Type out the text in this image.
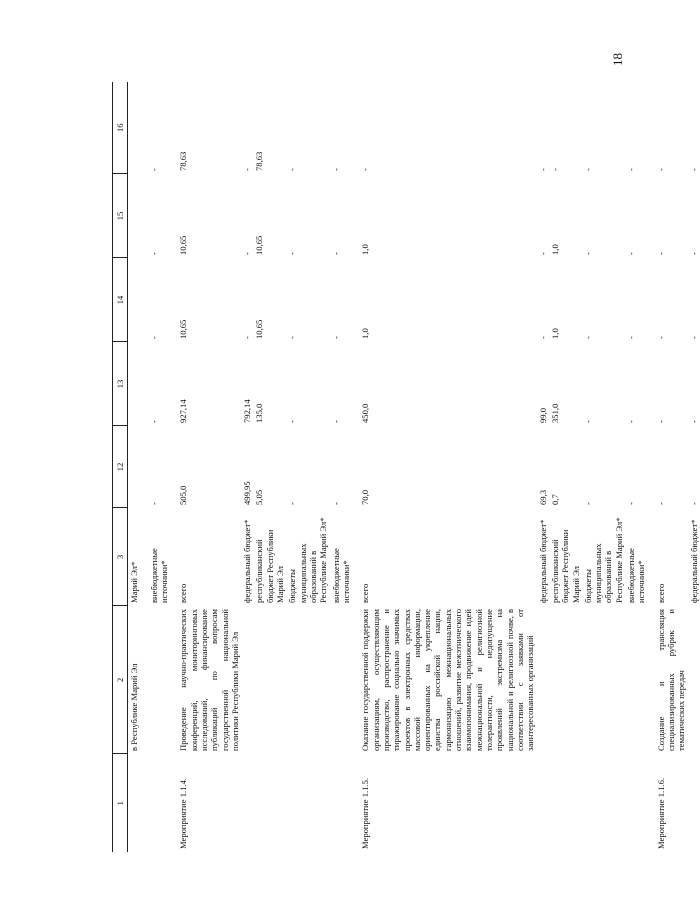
18
1	2	3	12	13	14	15	16
	в Республике Марий Эл	Марий Эл*					
		внебюджетные источники*	-	-	-	-	-
Мероприятие 1.1.4.	Проведение научно-практических конференций, мониторинговых исследований, финансирование публикаций по вопросам государственной национальной политики Республики Марий Эл	всего	505,0	927,14	10,65	10,65	78,63
		федеральный бюджет*	499,95	792,14	-	-	-
		республиканский бюджет Республики Марий Эл	5,05	135,0	10,65	10,65	78,63
		бюджеты муниципальных образований в Республике Марий Эл*	-	-	-	-	-
		внебюджетные источники*	-	-	-	-	-
Мероприятие 1.1.5.	Оказание государственной поддержки организациям, осуществляющим производство, распространение и тиражирование социально значимых проектов в электронных средствах массовой информации, ориентированных на укрепление единства российской нации, гармонизацию межнациональных отношений, развитие межэтнического взаимопонимания, продвижение идей межнациональной и религиозной толерантности, недопущение проявлений экстремизма на национальной и религиозной почве, в соответствии с заявками от заинтересованных организаций	всего	70,0	450,0	1,0	1,0	-
		федеральный бюджет*	69,3	99,0	-	-	-
		республиканский бюджет Республики Марий Эл	0,7	351,0	1,0	1,0	-
		бюджеты муниципальных образований в Республике Марий Эл*	-	-	-	-	-
		внебюджетные источники*	-	-	-	-	-
Мероприятие 1.1.6.	Создание и трансляция специализированных рубрик и тематических передач	всего	-	-	-	-	-
		федеральный бюджет*	-	-	-	-	-
